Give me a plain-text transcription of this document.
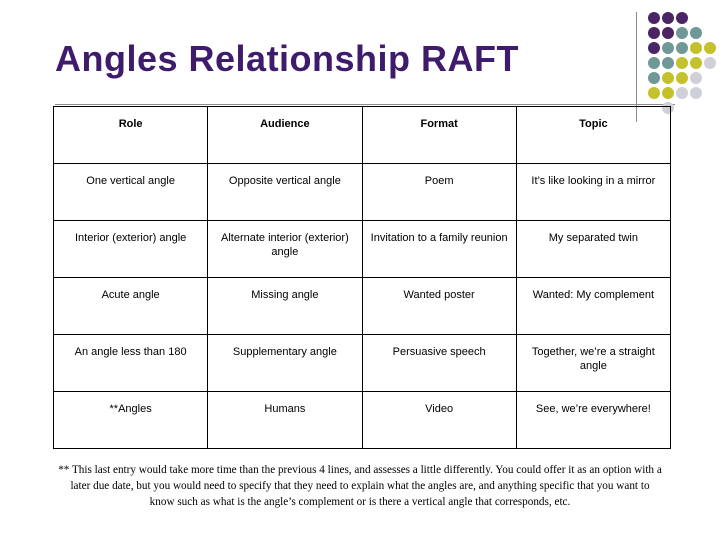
Angles Relationship RAFT
Role	Audience	Format	Topic
One vertical angle	Opposite vertical angle	Poem	It’s like looking in a mirror
Interior (exterior) angle	Alternate interior (exterior) angle	Invitation to a family reunion	My separated twin
Acute angle	Missing angle	Wanted poster	Wanted: My complement
An angle less than 180	Supplementary angle	Persuasive speech	Together, we’re a straight angle
**Angles	Humans	Video	See, we’re everywhere!
** This last entry would take more time than the previous 4 lines, and assesses a little differently. You could offer it as an option with a later due date, but you would need to specify that they need to explain what the angles are, and anything specific that you want to know such as what is the angle’s complement or is there a vertical angle that corresponds, etc.
